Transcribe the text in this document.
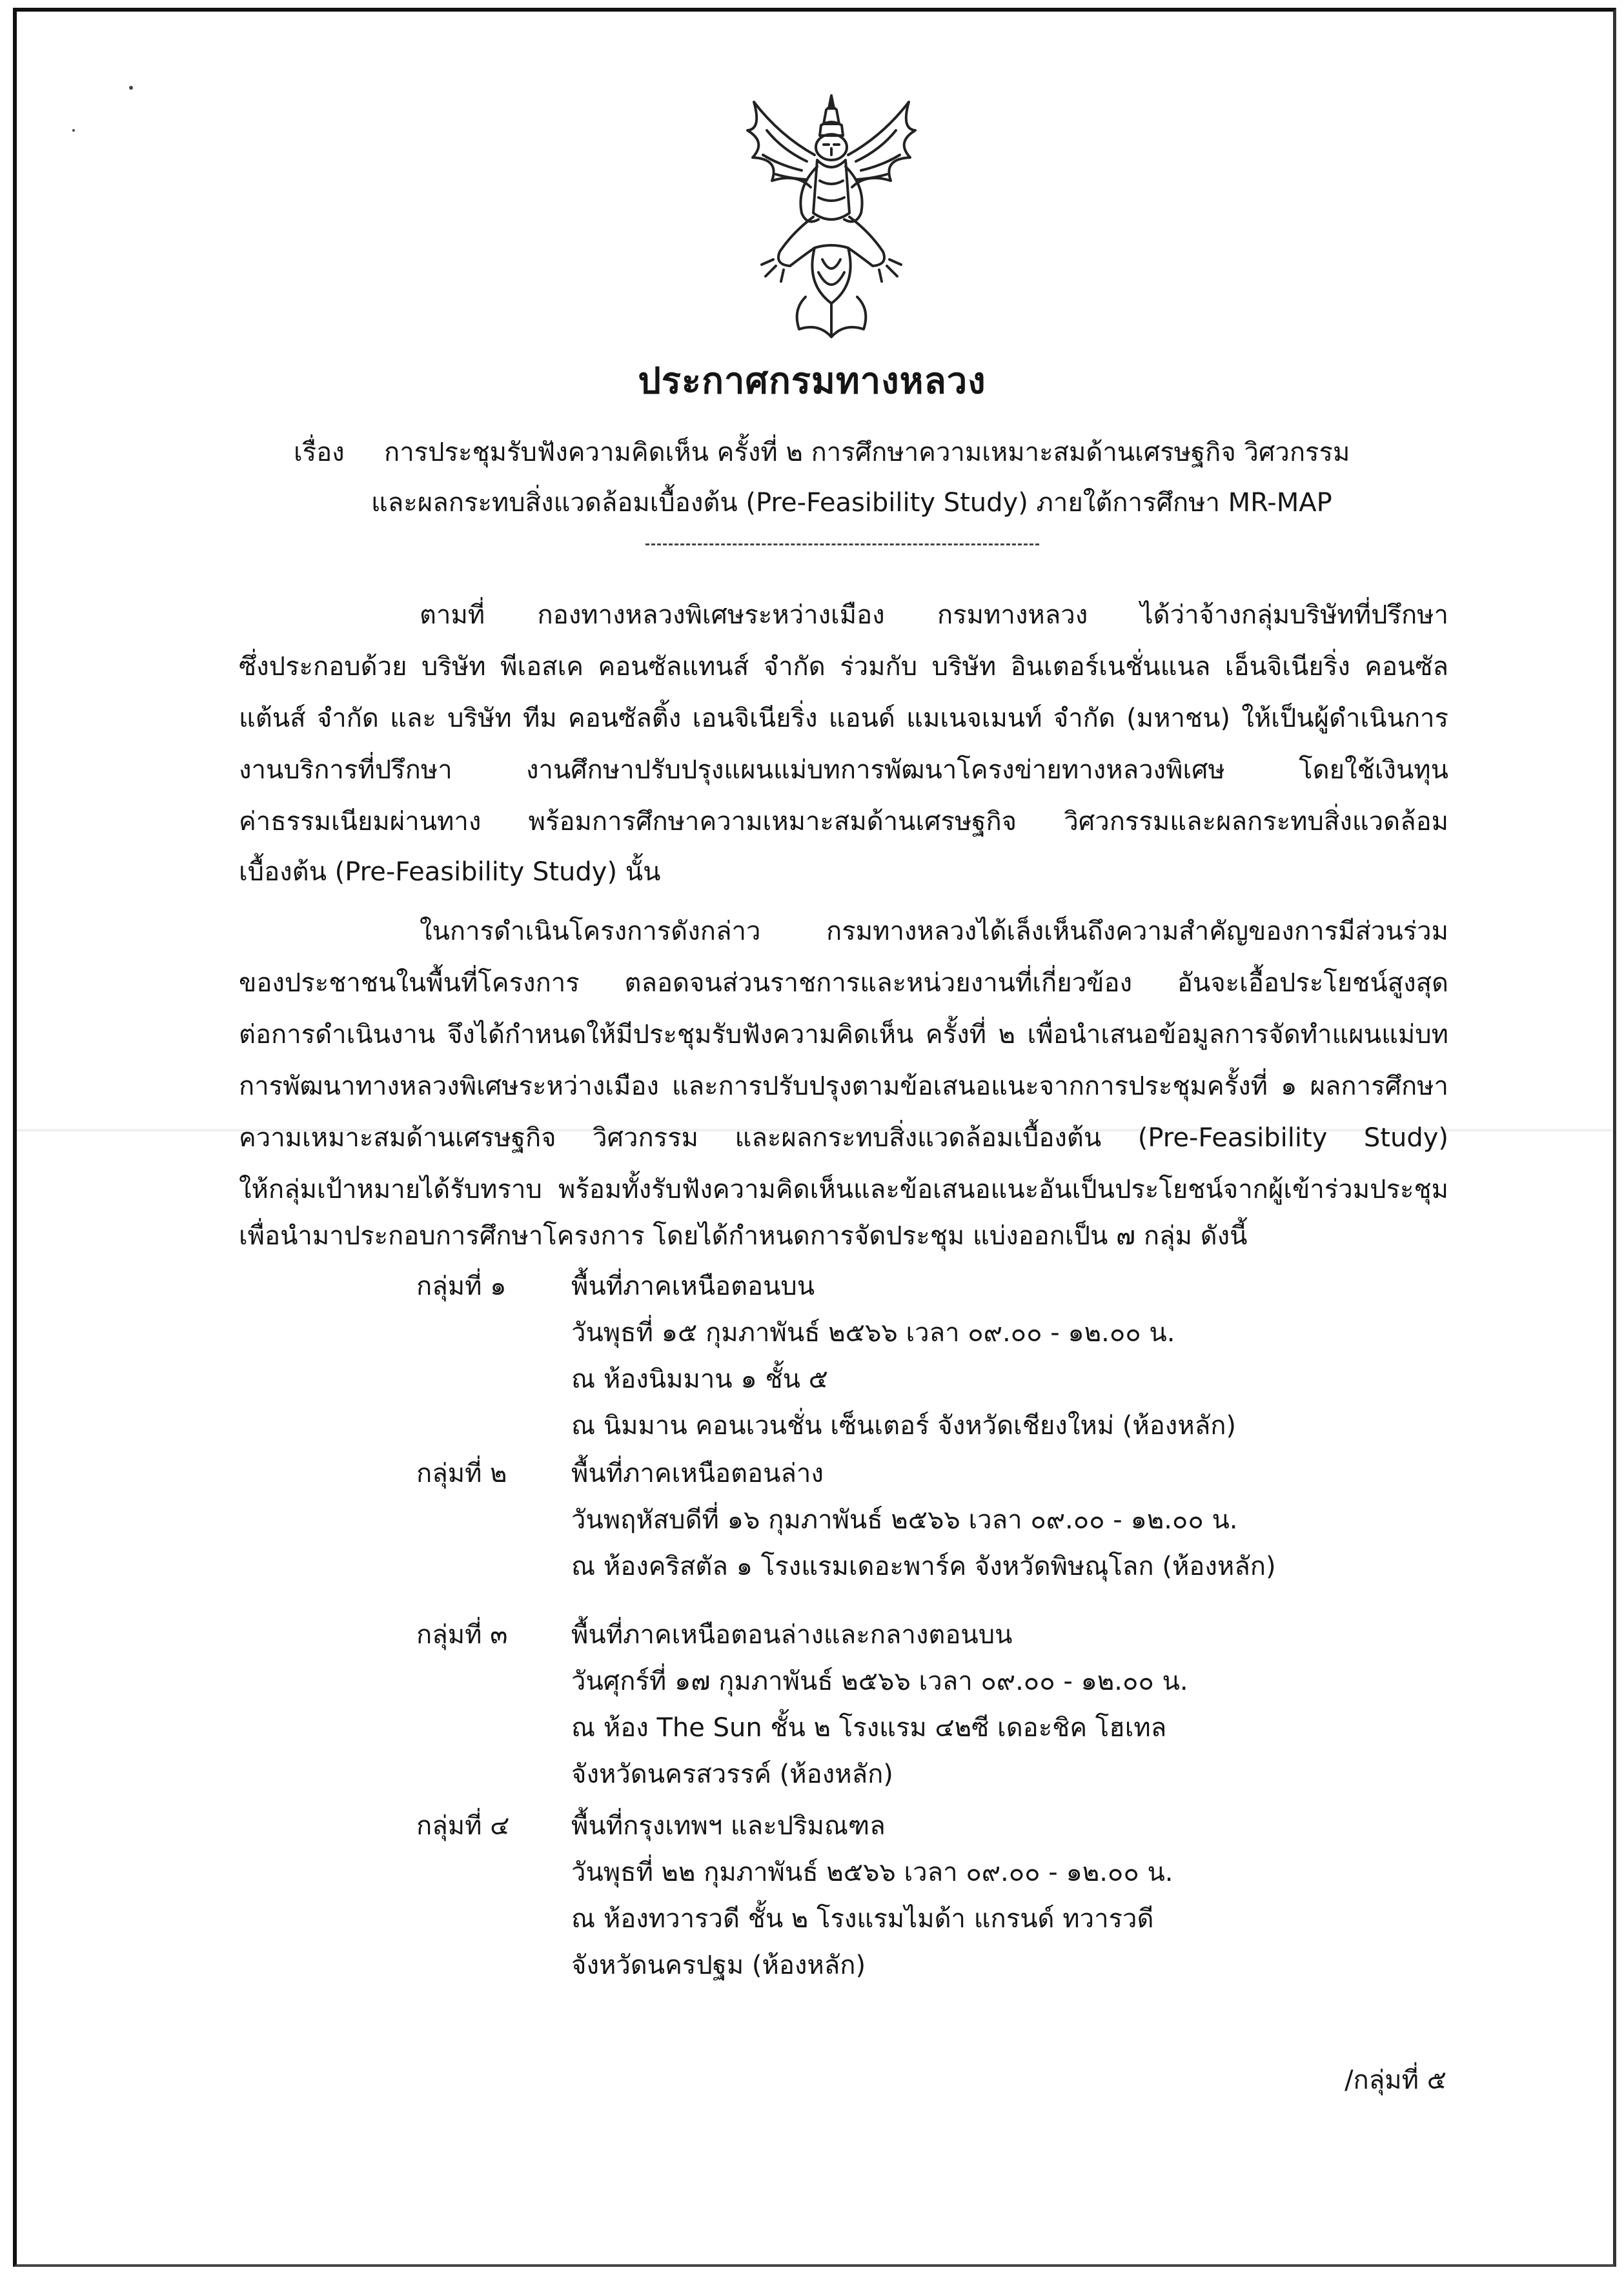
ประกาศกรมทางหลวง
เรื่อง การประชุมรับฟังความคิดเห็น ครั้งที่ ๒ การศึกษาความเหมาะสมด้านเศรษฐกิจ วิศวกรรม
และผลกระทบสิ่งแวดล้อมเบื้องต้น (Pre-Feasibility Study) ภายใต้การศึกษา MR-MAP
ตามที่ กองทางหลวงพิเศษระหว่างเมือง กรมทางหลวง ได้ว่าจ้างกลุ่มบริษัทที่ปรึกษา
ซึ่งประกอบด้วย บริษัท พีเอสเค คอนซัลแทนส์ จำกัด ร่วมกับ บริษัท อินเตอร์เนชั่นแนล เอ็นจิเนียริ่ง คอนซัล
แต้นส์ จำกัด และ บริษัท ทีม คอนซัลติ้ง เอนจิเนียริ่ง แอนด์ แมเนจเมนท์ จำกัด (มหาชน) ให้เป็นผู้ดำเนินการ
งานบริการที่ปรึกษา งานศึกษาปรับปรุงแผนแม่บทการพัฒนาโครงข่ายทางหลวงพิเศษ โดยใช้เงินทุน
ค่าธรรมเนียมผ่านทาง พร้อมการศึกษาความเหมาะสมด้านเศรษฐกิจ วิศวกรรมและผลกระทบสิ่งแวดล้อม
เบื้องต้น (Pre-Feasibility Study) นั้น
ในการดำเนินโครงการดังกล่าว กรมทางหลวงได้เล็งเห็นถึงความสำคัญของการมีส่วนร่วม
ของประชาชนในพื้นที่โครงการ ตลอดจนส่วนราชการและหน่วยงานที่เกี่ยวข้อง อันจะเอื้อประโยชน์สูงสุด
ต่อการดำเนินงาน จึงได้กำหนดให้มีประชุมรับฟังความคิดเห็น ครั้งที่ ๒ เพื่อนำเสนอข้อมูลการจัดทำแผนแม่บท
การพัฒนาทางหลวงพิเศษระหว่างเมือง และการปรับปรุงตามข้อเสนอแนะจากการประชุมครั้งที่ ๑ ผลการศึกษา
ความเหมาะสมด้านเศรษฐกิจ วิศวกรรม และผลกระทบสิ่งแวดล้อมเบื้องต้น (Pre-Feasibility Study)
ให้กลุ่มเป้าหมายได้รับทราบ พร้อมทั้งรับฟังความคิดเห็นและข้อเสนอแนะอันเป็นประโยชน์จากผู้เข้าร่วมประชุม
เพื่อนำมาประกอบการศึกษาโครงการ โดยได้กำหนดการจัดประชุม แบ่งออกเป็น ๗ กลุ่ม ดังนี้
กลุ่มที่ ๑	พื้นที่ภาคเหนือตอนบน
วันพุธที่ ๑๕ กุมภาพันธ์ ๒๕๖๖ เวลา ๐๙.๐๐ - ๑๒.๐๐ น.
ณ ห้องนิมมาน ๑ ชั้น ๕
ณ นิมมาน คอนเวนชั่น เซ็นเตอร์ จังหวัดเชียงใหม่ (ห้องหลัก)
กลุ่มที่ ๒ พื้นที่ภาคเหนือตอนล่าง
วันพฤหัสบดีที่ ๑๖ กุมภาพันธ์ ๒๕๖๖ เวลา ๐๙.๐๐ - ๑๒.๐๐ น.
ณ ห้องคริสตัล ๑ โรงแรมเดอะพาร์ค จังหวัดพิษณุโลก (ห้องหลัก)
กลุ่มที่ ๓ พื้นที่ภาคเหนือตอนล่างและกลางตอนบน
วันศุกร์ที่ ๑๗ กุมภาพันธ์ ๒๕๖๖ เวลา ๐๙.๐๐ - ๑๒.๐๐ น.
ณ ห้อง The Sun ชั้น ๒ โรงแรม ๔๒ซี เดอะชิค โฮเทล
จังหวัดนครสวรรค์ (ห้องหลัก)
กลุ่มที่ ๔ พื้นที่กรุงเทพฯ และปริมณฑล
วันพุธที่ ๒๒ กุมภาพันธ์ ๒๕๖๖ เวลา ๐๙.๐๐ - ๑๒.๐๐ น.
ณ ห้องทวารวดี ชั้น ๒ โรงแรมไมด้า แกรนด์ ทวารวดี
จังหวัดนครปฐม (ห้องหลัก)
/กลุ่มที่ ๕
